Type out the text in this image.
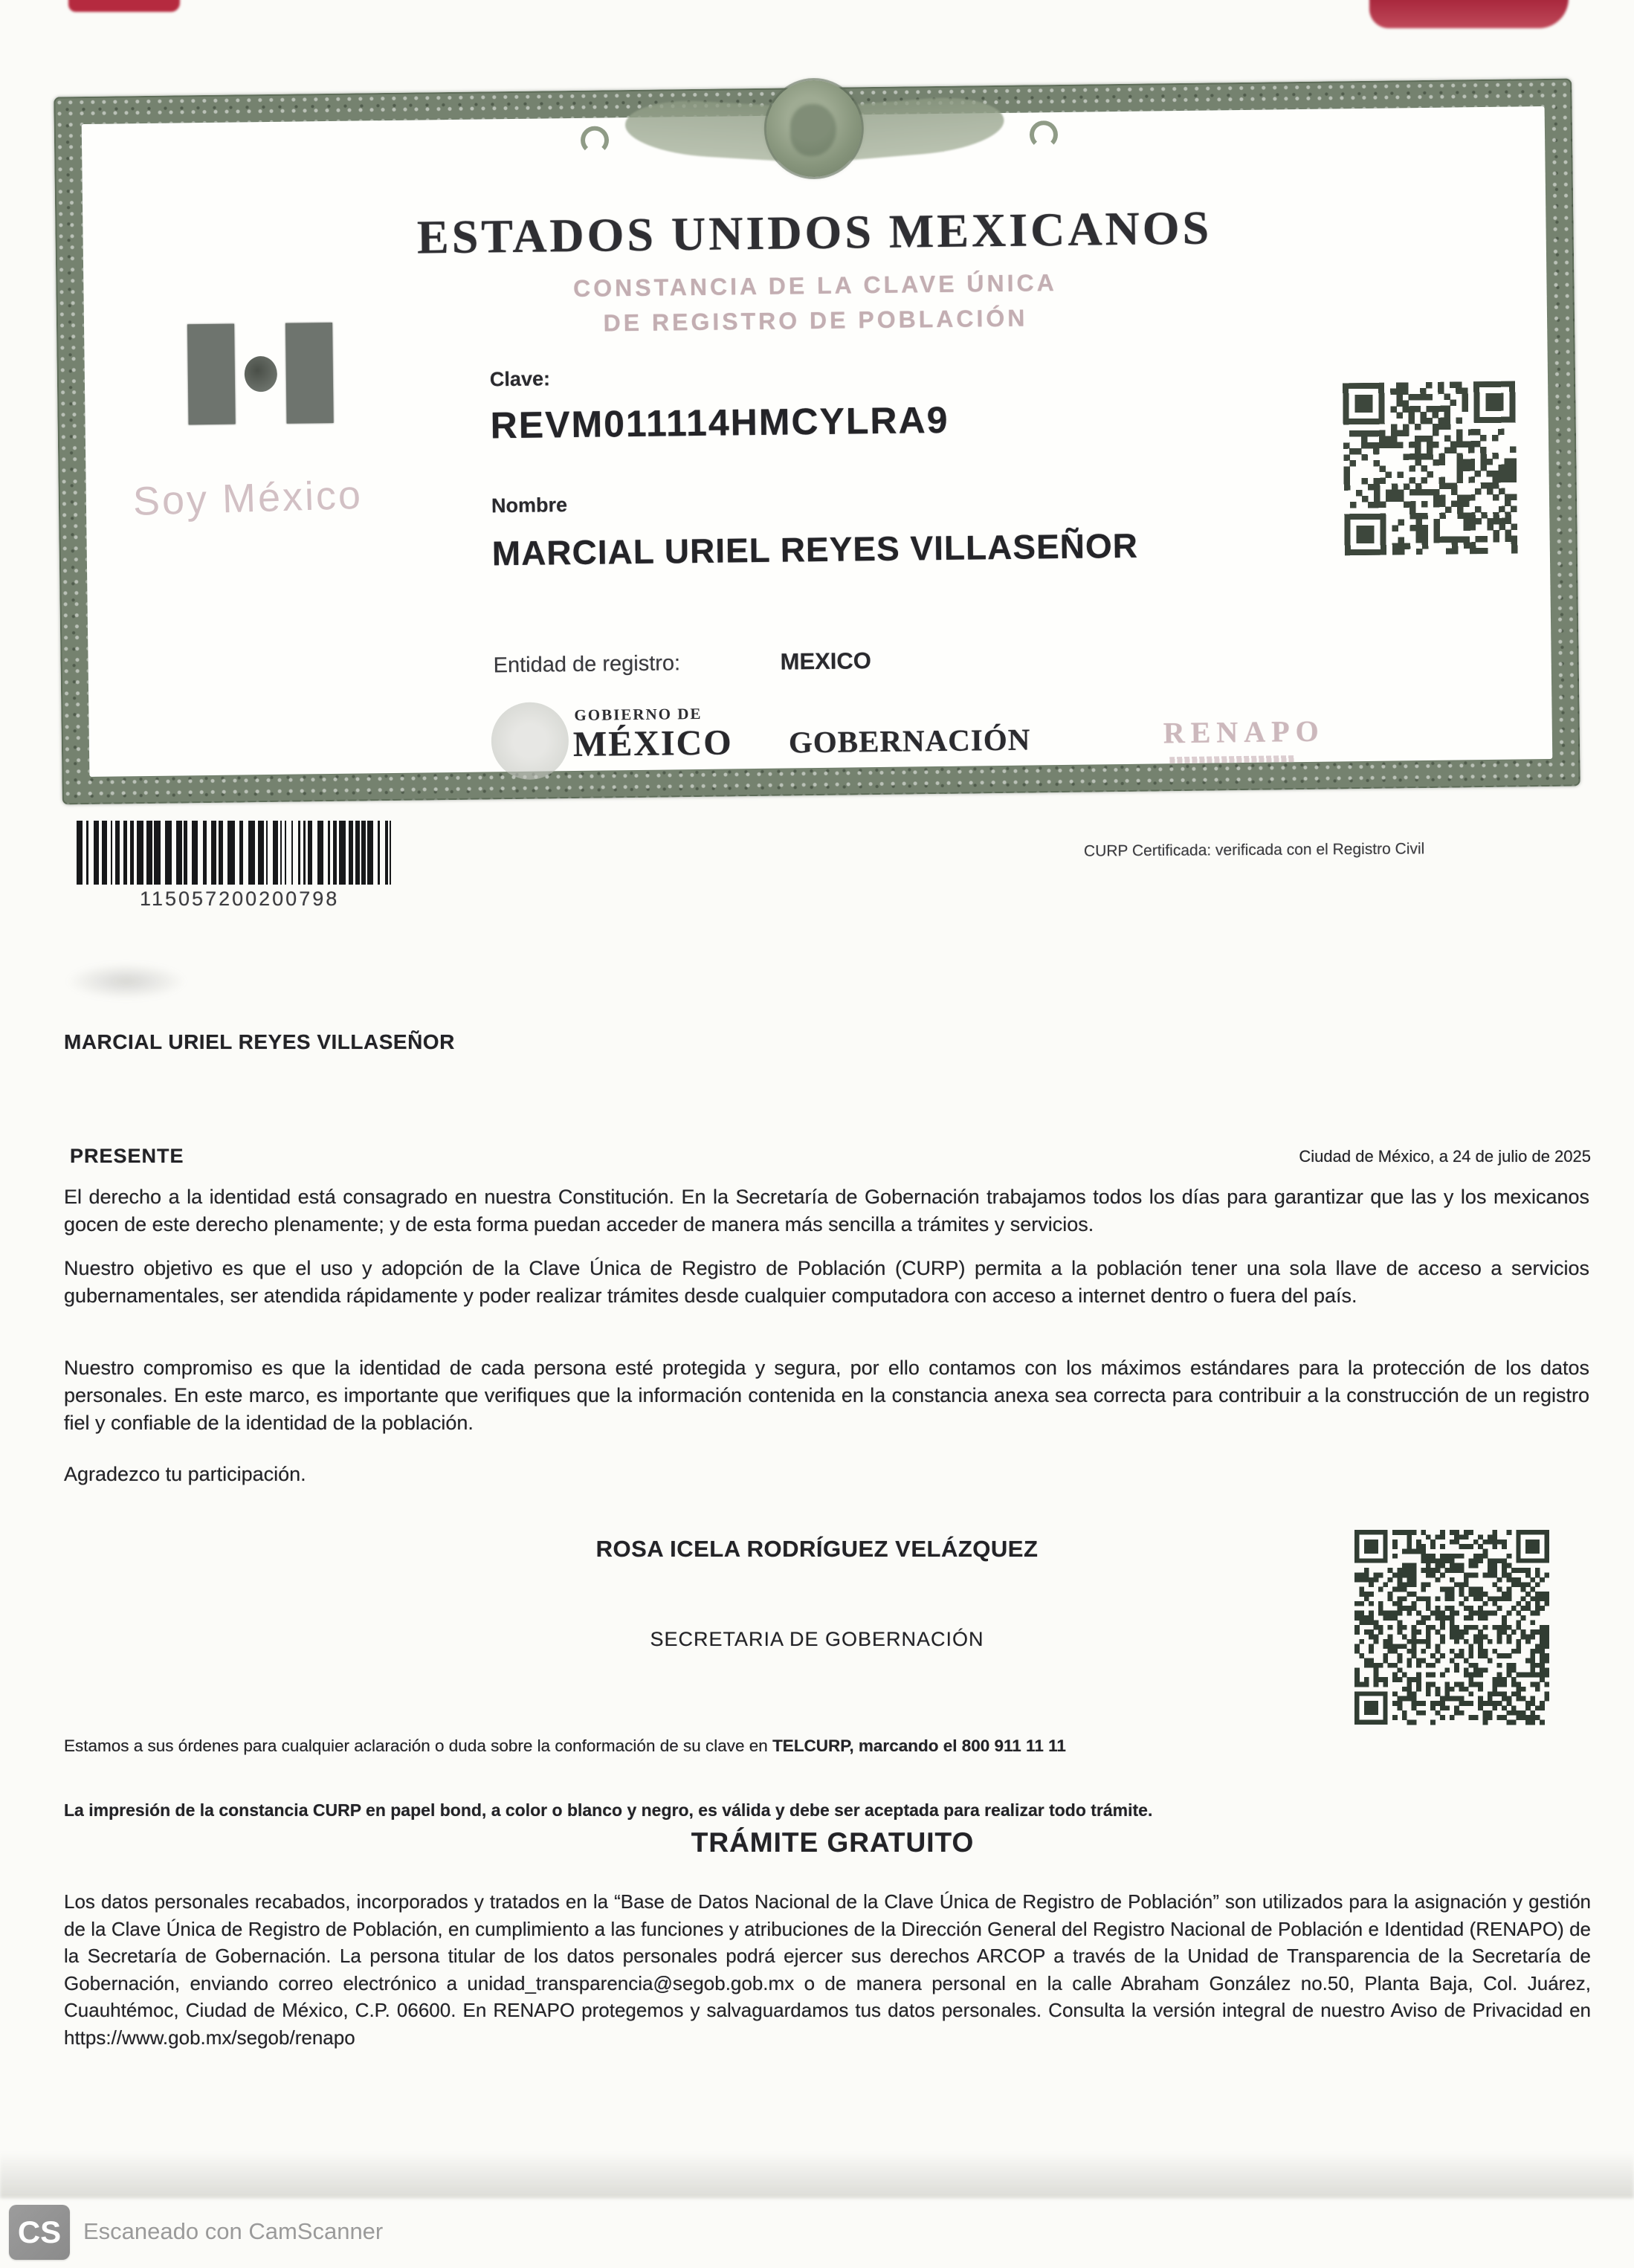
ESTADOS UNIDOS MEXICANOS
CONSTANCIA DE LA CLAVE ÚNICA
DE REGISTRO DE POBLACIÓN
Soy México
Clave:
REVM011114HMCYLRA9
Nombre
MARCIAL URIEL REYES VILLASEÑOR
Entidad de registro:	MEXICO
GOBIERNO DE
MÉXICO GOBERNACIÓN	RENAPO
115057200200798
CURP Certificada: verificada con el Registro Civil
MARCIAL URIEL REYES VILLASEÑOR
PRESENTE	Ciudad de México, a 24 de julio de 2025
El derecho a la identidad está consagrado en nuestra Constitución. En la Secretaría de Gobernación trabajamos todos los días para garantizar que las y los mexicanos gocen de este derecho plenamente; y de esta forma puedan acceder de manera más sencilla a trámites y servicios.
Nuestro objetivo es que el uso y adopción de la Clave Única de Registro de Población (CURP) permita a la población tener una sola llave de acceso a servicios gubernamentales, ser atendida rápidamente y poder realizar trámites desde cualquier computadora con acceso a internet dentro o fuera del país.
Nuestro compromiso es que la identidad de cada persona esté protegida y segura, por ello contamos con los máximos estándares para la protección de los datos personales. En este marco, es importante que verifiques que la información contenida en la constancia anexa sea correcta para contribuir a la construcción de un registro fiel y confiable de la identidad de la población.
Agradezco tu participación.
ROSA ICELA RODRÍGUEZ VELÁZQUEZ
SECRETARIA DE GOBERNACIÓN
Estamos a sus órdenes para cualquier aclaración o duda sobre la conformación de su clave en TELCURP, marcando el 800 911 11 11
La impresión de la constancia CURP en papel bond, a color o blanco y negro, es válida y debe ser aceptada para realizar todo trámite.
TRÁMITE GRATUITO
Los datos personales recabados, incorporados y tratados en la “Base de Datos Nacional de la Clave Única de Registro de Población” son utilizados para la asignación y gestión de la Clave Única de Registro de Población, en cumplimiento a las funciones y atribuciones de la Dirección General del Registro Nacional de Población e Identidad (RENAPO) de la Secretaría de Gobernación. La persona titular de los datos personales podrá ejercer sus derechos ARCOP a través de la Unidad de Transparencia de la Secretaría de Gobernación, enviando correo electrónico a unidad_transparencia@segob.gob.mx o de manera personal en la calle Abraham González no.50, Planta Baja, Col. Juárez, Cuauhtémoc, Ciudad de México, C.P. 06600. En RENAPO protegemos y salvaguardamos tus datos personales. Consulta la versión integral de nuestro Aviso de Privacidad en https://www.gob.mx/segob/renapo
CS Escaneado con CamScanner
